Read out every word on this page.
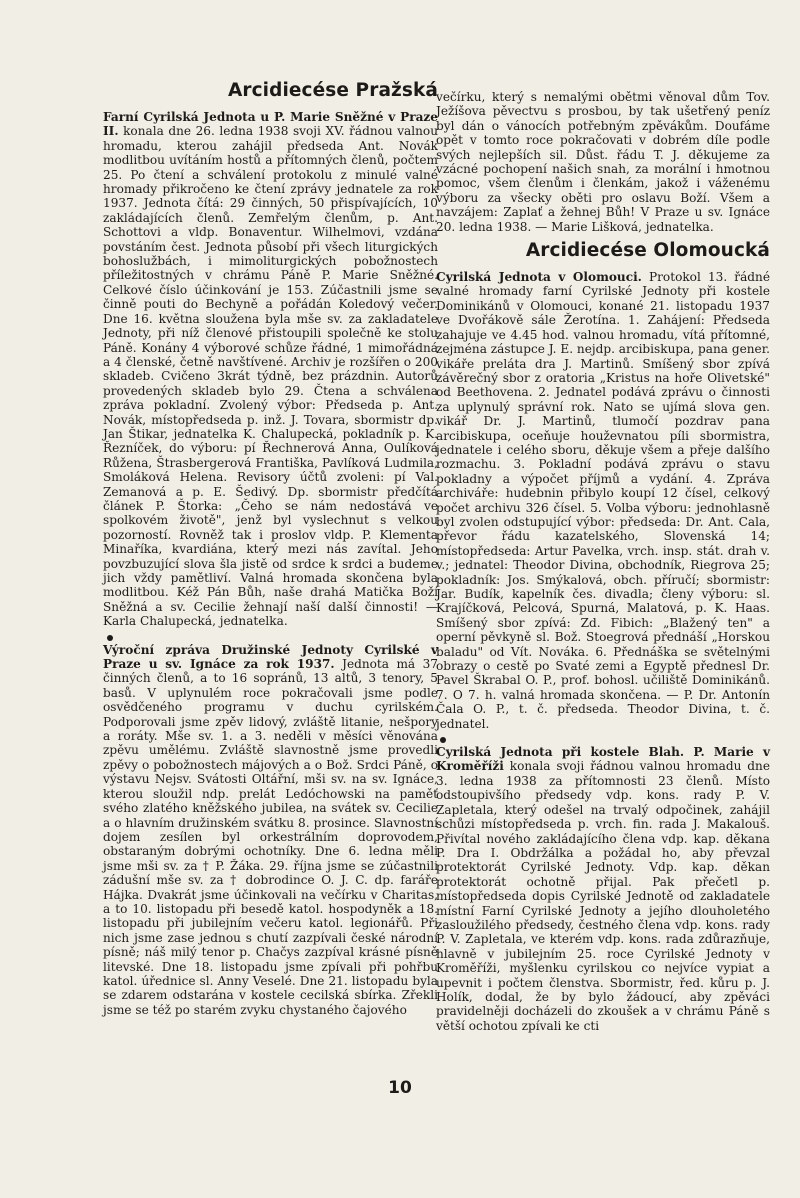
Arcidiecése Pražská

Farní Cyrilská Jednota u P. Marie Sněžné v Praze II. konala dne 26. ledna 1938 svoji XV. řádnou valnou hromadu, kterou zahájil předseda Ant. Novák modlitbou uvítáním hostů a přítomných členů, počtem 25. Po čtení a schválení protokolu z minulé valné hromady přikročeno ke čtení zprávy jednatele za rok 1937. Jednota čítá: 29 činných, 50 přispívajících, 10 zakládajících členů. Zemřelým členům, p. Ant. Schottovi a vldp. Bonaventur. Wilhelmovi, vzdána povstáním čest. Jednota působí při všech liturgických bohoslužbách, i mimoliturgických pobožnostech příležitostných v chrámu Páně P. Marie Sněžné. Celkové číslo účinkování je 153. Zúčastnili jsme se činně pouti do Bechyně a pořádán Koledový večer. Dne 16. května sloužena byla mše sv. za zakladatele Jednoty, při níž členové přistoupili společně ke stolu Páně. Konány 4 výborové schůze řádné, 1 mimořádná a 4 členské, četně navštívené. Archiv je rozšířen o 200 skladeb. Cvičeno 3krát týdně, bez prázdnin. Autorů provedených skladeb bylo 29. Čtena a schválena zpráva pokladní. Zvolený výbor: Předseda p. Ant. Novák, místopředseda p. inž. J. Tovara, sbormistr dp. Jan Štikar, jednatelka K. Chalupecká, pokladník p. K. Řezníček, do výboru: pí Řechnerová Anna, Oulíková Růžena, Štrasbergerová Františka, Pavlíková Ludmila, Smoláková Helena. Revisory účtů zvoleni: pí Val. Zemanová a p. E. Šedivý. Dp. sbormistr předčítá článek P. Štorka: „Čeho se nám nedostává ve spolkovém životě", jenž byl vyslechnut s velkou pozorností. Rovněž tak i proslov vldp. P. Klementa Minaříka, kvardiána, který mezi nás zavítal. Jeho povzbuzující slova šla jistě od srdce k srdci a budeme jich vždy pamětliví. Valná hromada skončena byla modlitbou. Kéž Pán Bůh, naše drahá Matička Boží Sněžná a sv. Cecilie žehnají naší další činnosti! — Karla Chalupecká, jednatelka.

Výroční zpráva Družinské Jednoty Cyrilské v Praze u sv. Ignáce za rok 1937. Jednota má 37 činných členů, a to 16 sopránů, 13 altů, 3 tenory, 5 basů. V uplynulém roce pokračovali jsme podle osvědčeného programu v duchu cyrilském. Podporovali jsme zpěv lidový, zvláště litanie, nešpory a roráty. Mše sv. 1. a 3. neděli v měsíci věnována zpěvu umělému. Zvláště slavnostně jsme provedli zpěvy o pobožnostech májových a o Bož. Srdci Páně, o výstavu Nejsv. Svátosti Oltářní, mši sv. na sv. Ignáce, kterou sloužil ndp. prelát Ledóchowski na paměť svého zlatého kněžského jubilea, na svátek sv. Cecilie a o hlavním družinském svátku 8. prosince. Slavnostní dojem zesílen byl orkestrálním doprovodem, obstaraným dobrými ochotníky. Dne 6. ledna měli jsme mši sv. za † P. Žáka. 29. října jsme se zúčastnili zádušní mše sv. za † dobrodince O. J. C. dp. faráře Hájka. Dvakrát jsme účinkovali na večírku v Charitas, a to 10. listopadu při besedě katol. hospodyněk a 18. listopadu při jubilejním večeru katol. legionářů. Při nich jsme zase jednou s chutí zazpívali české národní písně; náš milý tenor p. Chačys zazpíval krásné písně litevské. Dne 18. listopadu jsme zpívali při pohřbu katol. úřednice sl. Anny Veselé. Dne 21. listopadu byla se zdarem odstarána v kostele cecilská sbírka. Zřekli jsme se též po starém zvyku chystaného čajového

večírku, který s nemalými obětmi věnoval dům Tov. Ježíšova pěvectvu s prosbou, by tak ušetřený peníz byl dán o vánocích potřebným zpěvákům. Doufáme opět v tomto roce pokračovati v dobrém díle podle svých nejlepších sil. Důst. řádu T. J. děkujeme za vzácné pochopení našich snah, za morální i hmotnou pomoc, všem členům i členkám, jakož i váženému výboru za všecky oběti pro oslavu Boží. Všem a navzájem: Zaplať a žehnej Bůh! V Praze u sv. Ignáce 20. ledna 1938. — Marie Lišková, jednatelka.

Arcidiecése Olomoucká

Cyrilská Jednota v Olomouci. Protokol 13. řádné valné hromady farní Cyrilské Jednoty při kostele Dominikánů v Olomouci, konané 21. listopadu 1937 ve Dvořákově sále Žerotína. 1. Zahájení: Předseda zahajuje ve 4.45 hod. valnou hromadu, vítá přítomné, zejména zástupce J. E. nejdp. arcibiskupa, pana gener. vikáře preláta dra J. Martinů. Smíšený sbor zpívá závěrečný sbor z oratoria „Kristus na hoře Olivetské" od Beethovena. 2. Jednatel podává zprávu o činnosti za uplynulý správní rok. Nato se ujímá slova gen. vikář Dr. J. Martinů, tlumočí pozdrav pana arcibiskupa, oceňuje houževnatou píli sbormistra, jednatele i celého sboru, děkuje všem a přeje dalšího rozmachu. 3. Pokladní podává zprávu o stavu pokladny a výpočet příjmů a vydání. 4. Zpráva archiváře: hudebnin přibylo koupí 12 čísel, celkový počet archivu 326 čísel. 5. Volba výboru: jednohlasně byl zvolen odstupující výbor: předseda: Dr. Ant. Cala, převor řádu kazatelského, Slovenská 14; místopředseda: Artur Pavelka, vrch. insp. stát. drah v. v.; jednatel: Theodor Divina, obchodník, Riegrova 25; pokladník: Jos. Smýkalová, obch. příručí; sbormistr: Jar. Budík, kapelník čes. divadla; členy výboru: sl. Krajíčková, Pelcová, Spurná, Malatová, p. K. Haas. Smíšený sbor zpívá: Zd. Fibich: „Blažený ten" a operní pěvkyně sl. Bož. Stoegrová přednáší „Horskou baladu" od Vít. Nováka. 6. Přednáška se světelnými obrazy o cestě po Svaté zemi a Egyptě přednesl Dr. Pavel Škrabal O. P., prof. bohosl. učiliště Dominikánů. 7. O 7. h. valná hromada skončena. — P. Dr. Antonín Čala O. P., t. č. předseda. Theodor Divina, t. č. jednatel.

Cyrilská Jednota při kostele Blah. P. Marie v Kroměříži konala svoji řádnou valnou hromadu dne 3. ledna 1938 za přítomnosti 23 členů. Místo odstoupivšího předsedy vdp. kons. rady P. V. Zapletala, který odešel na trvalý odpočinek, zahájil schůzi místopředseda p. vrch. fin. rada J. Makalouš. Přivítal nového zakládajícího člena vdp. kap. děkana P. Dra I. Obdržálka a požádal ho, aby převzal protektorát Cyrilské Jednoty. Vdp. kap. děkan protektorát ochotně přijal. Pak přečetl p. místopředseda dopis Cyrilské Jednotě od zakladatele místní Farní Cyrilské Jednoty a jejího dlouholetého zasloužilého předsedy, čestného člena vdp. kons. rady P. V. Zapletala, ve kterém vdp. kons. rada zdůrazňuje, hlavně v jubilejním 25. roce Cyrilské Jednoty v Kroměříži, myšlenku cyrilskou co nejvíce vypiat a upevnit i počtem členstva. Sbormistr, řed. kůru p. J. Holík, dodal, že by bylo žádoucí, aby zpěváci pravidelněji docházeli do zkoušek a v chrámu Páně s větší ochotou zpívali ke cti

10
